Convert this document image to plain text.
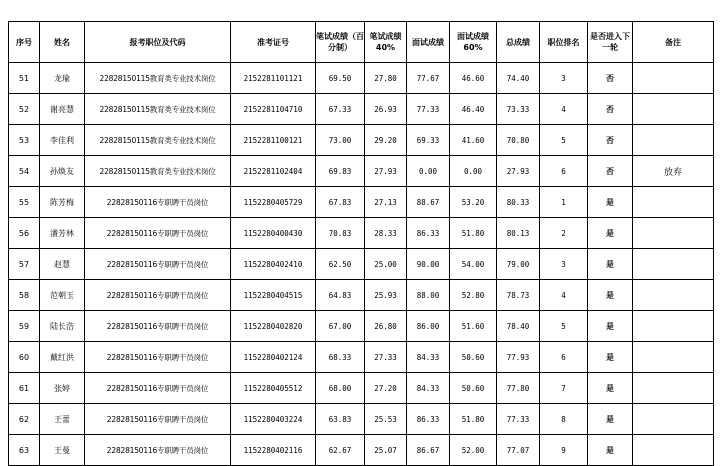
序号	姓名	报考职位及代码	准考证号	笔试成绩（百分制）	笔试成绩40%	面试成绩	面试成绩60%	总成绩	职位排名	是否进入下一轮	备注
51	龙瑜	22828150115教育类专业技术岗位	2152281101121	69.50	27.80	77.67	46.60	74.40	3	否	
52	谢亮慧	22828150115教育类专业技术岗位	2152281104710	67.33	26.93	77.33	46.40	73.33	4	否	
53	李佳利	22828150115教育类专业技术岗位	2152281100121	73.00	29.20	69.33	41.60	70.80	5	否	
54	孙焕友	22828150115教育类专业技术岗位	2152281102404	69.83	27.93	0.00	0.00	27.93	6	否	放弃
55	陈芳梅	22828150116专职聘干员岗位	1152280405729	67.83	27.13	88.67	53.20	80.33	1	是	
56	潘芳林	22828150116专职聘干员岗位	1152280400430	70.83	28.33	86.33	51.80	80.13	2	是	
57	赵慧	22828150116专职聘干员岗位	1152280402410	62.50	25.00	90.00	54.00	79.00	3	是	
58	范朝玉	22828150116专职聘干员岗位	1152280404515	64.83	25.93	88.00	52.80	78.73	4	是	
59	陆长浩	22828150116专职聘干员岗位	1152280402820	67.00	26.80	86.00	51.60	78.40	5	是	
60	戴红洪	22828150116专职聘干员岗位	1152280402124	68.33	27.33	84.33	50.60	77.93	6	是	
61	张婷	22828150116专职聘干员岗位	1152280405512	68.00	27.20	84.33	50.60	77.80	7	是	
62	王蕾	22828150116专职聘干员岗位	1152280403224	63.83	25.53	86.33	51.80	77.33	8	是	
63	王曼	22828150116专职聘干员岗位	1152280402116	62.67	25.07	86.67	52.00	77.07	9	是	
